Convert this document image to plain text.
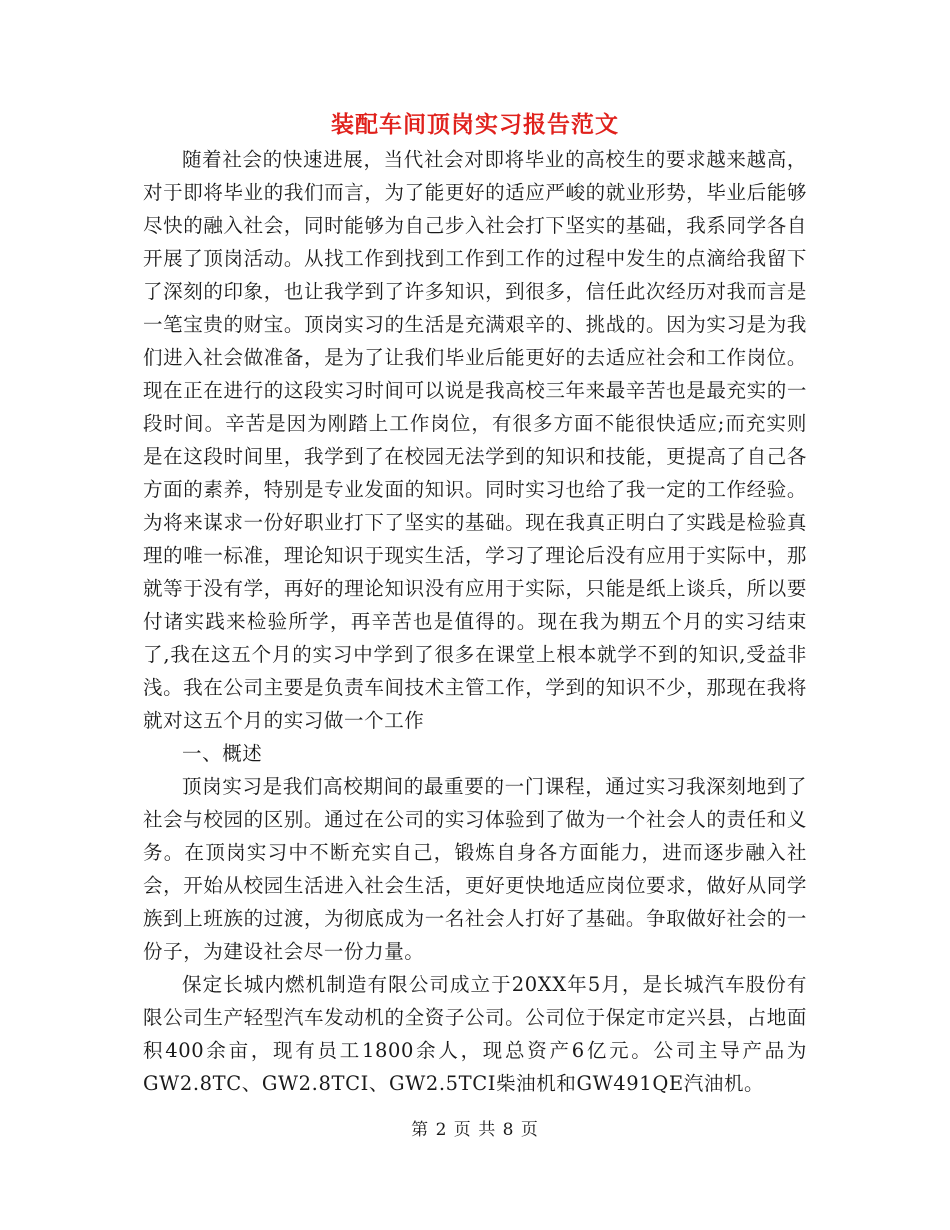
装配车间顶岗实习报告范文

随着社会的快速进展，当代社会对即将毕业的高校生的要求越来越高，对于即将毕业的我们而言，为了能更好的适应严峻的就业形势，毕业后能够尽快的融入社会，同时能够为自己步入社会打下坚实的基础，我系同学各自开展了顶岗活动。从找工作到找到工作到工作的过程中发生的点滴给我留下了深刻的印象，也让我学到了许多知识，到很多，信任此次经历对我而言是一笔宝贵的财宝。顶岗实习的生活是充满艰辛的、挑战的。因为实习是为我们进入社会做准备，是为了让我们毕业后能更好的去适应社会和工作岗位。现在正在进行的这段实习时间可以说是我高校三年来最辛苦也是最充实的一段时间。辛苦是因为刚踏上工作岗位，有很多方面不能很快适应;而充实则是在这段时间里，我学到了在校园无法学到的知识和技能，更提高了自己各方面的素养，特别是专业发面的知识。同时实习也给了我一定的工作经验。为将来谋求一份好职业打下了坚实的基础。现在我真正明白了实践是检验真理的唯一标准，理论知识于现实生活，学习了理论后没有应用于实际中，那就等于没有学，再好的理论知识没有应用于实际，只能是纸上谈兵，所以要付诸实践来检验所学，再辛苦也是值得的。现在我为期五个月的实习结束了,我在这五个月的实习中学到了很多在课堂上根本就学不到的知识,受益非浅。我在公司主要是负责车间技术主管工作，学到的知识不少，那现在我将就对这五个月的实习做一个工作

一、概述

顶岗实习是我们高校期间的最重要的一门课程，通过实习我深刻地到了社会与校园的区别。通过在公司的实习体验到了做为一个社会人的责任和义务。在顶岗实习中不断充实自己，锻炼自身各方面能力，进而逐步融入社会，开始从校园生活进入社会生活，更好更快地适应岗位要求，做好从同学族到上班族的过渡，为彻底成为一名社会人打好了基础。争取做好社会的一份子，为建设社会尽一份力量。

保定长城内燃机制造有限公司成立于20XX年5月，是长城汽车股份有限公司生产轻型汽车发动机的全资子公司。公司位于保定市定兴县，占地面积400余亩，现有员工1800余人，现总资产6亿元。公司主导产品为GW2.8TC、GW2.8TCI、GW2.5TCI柴油机和GW491QE汽油机。

第 2 页 共 8 页
